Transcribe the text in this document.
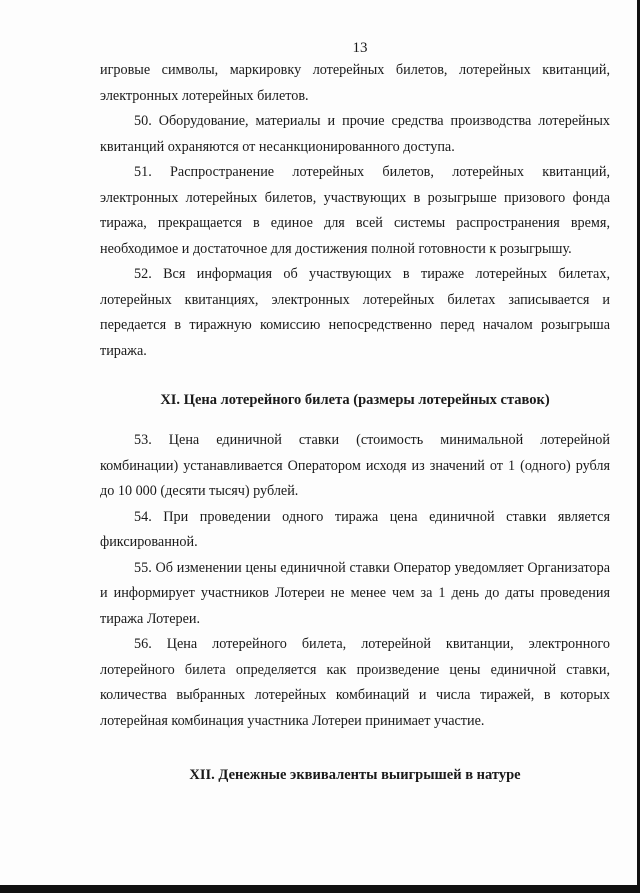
13

игровые символы, маркировку лотерейных билетов, лотерейных квитанций, электронных лотерейных билетов.

50. Оборудование, материалы и прочие средства производства лотерейных квитанций охраняются от несанкционированного доступа.

51. Распространение лотерейных билетов, лотерейных квитанций, электронных лотерейных билетов, участвующих в розыгрыше призового фонда тиража, прекращается в единое для всей системы распространения время, необходимое и достаточное для достижения полной готовности к розыгрышу.

52. Вся информация об участвующих в тираже лотерейных билетах, лотерейных квитанциях, электронных лотерейных билетах записывается и передается в тиражную комиссию непосредственно перед началом розыгрыша тиража.

XI. Цена лотерейного билета (размеры лотерейных ставок)

53. Цена единичной ставки (стоимость минимальной лотерейной комбинации) устанавливается Оператором исходя из значений от 1 (одного) рубля до 10 000 (десяти тысяч) рублей.

54. При проведении одного тиража цена единичной ставки является фиксированной.

55. Об изменении цены единичной ставки Оператор уведомляет Организатора и информирует участников Лотереи не менее чем за 1 день до даты проведения тиража Лотереи.

56. Цена лотерейного билета, лотерейной квитанции, электронного лотерейного билета определяется как произведение цены единичной ставки, количества выбранных лотерейных комбинаций и числа тиражей, в которых лотерейная комбинация участника Лотереи принимает участие.

XII. Денежные эквиваленты выигрышей в натуре
